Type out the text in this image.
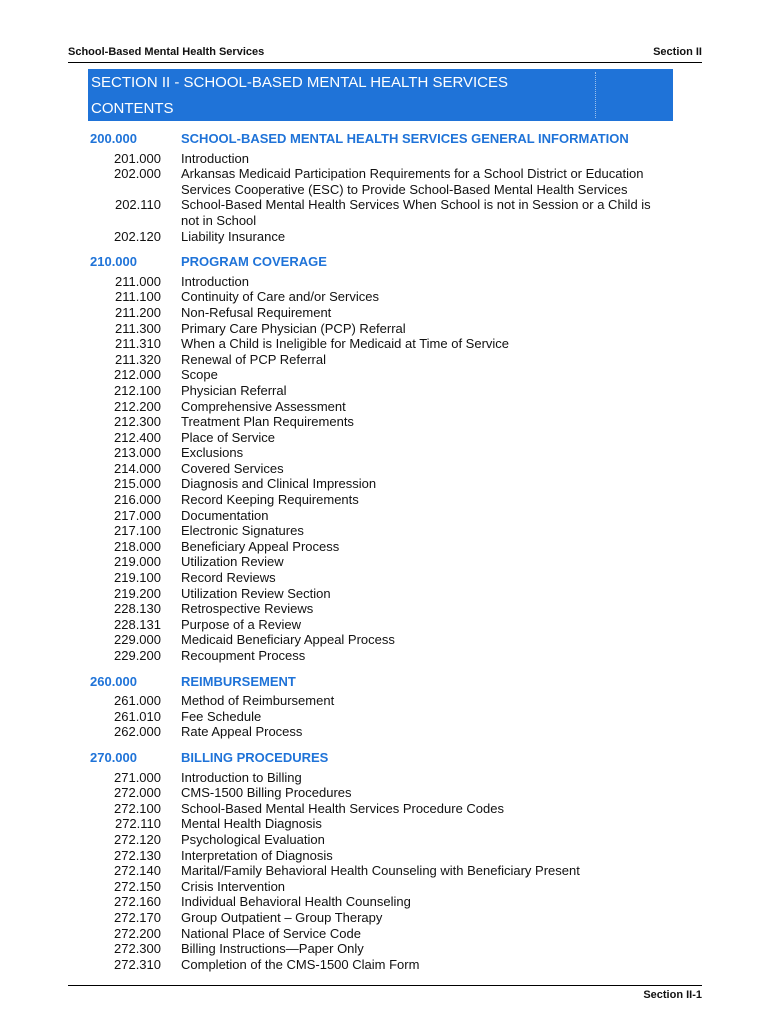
School-Based Mental Health Services	Section II
SECTION II - SCHOOL-BASED MENTAL HEALTH SERVICES
CONTENTS
200.000	SCHOOL-BASED MENTAL HEALTH SERVICES GENERAL INFORMATION
201.000 Introduction
202.000 Arkansas Medicaid Participation Requirements for a School District or Education Services Cooperative (ESC) to Provide School-Based Mental Health Services
202.110 School-Based Mental Health Services When School is not in Session or a Child is not in School
202.120 Liability Insurance
210.000	PROGRAM COVERAGE
211.000 Introduction
211.100 Continuity of Care and/or Services
211.200 Non-Refusal Requirement
211.300 Primary Care Physician (PCP) Referral
211.310 When a Child is Ineligible for Medicaid at Time of Service
211.320 Renewal of PCP Referral
212.000 Scope
212.100 Physician Referral
212.200 Comprehensive Assessment
212.300 Treatment Plan Requirements
212.400 Place of Service
213.000 Exclusions
214.000 Covered Services
215.000 Diagnosis and Clinical Impression
216.000 Record Keeping Requirements
217.000 Documentation
217.100 Electronic Signatures
218.000 Beneficiary Appeal Process
219.000 Utilization Review
219.100 Record Reviews
219.200 Utilization Review Section
228.130 Retrospective Reviews
228.131 Purpose of a Review
229.000 Medicaid Beneficiary Appeal Process
229.200 Recoupment Process
260.000	REIMBURSEMENT
261.000 Method of Reimbursement
261.010 Fee Schedule
262.000 Rate Appeal Process
270.000	BILLING PROCEDURES
271.000 Introduction to Billing
272.000 CMS-1500 Billing Procedures
272.100 School-Based Mental Health Services Procedure Codes
272.110 Mental Health Diagnosis
272.120 Psychological Evaluation
272.130 Interpretation of Diagnosis
272.140 Marital/Family Behavioral Health Counseling with Beneficiary Present
272.150 Crisis Intervention
272.160 Individual Behavioral Health Counseling
272.170 Group Outpatient – Group Therapy
272.200 National Place of Service Code
272.300 Billing Instructions—Paper Only
272.310 Completion of the CMS-1500 Claim Form
Section II-1
